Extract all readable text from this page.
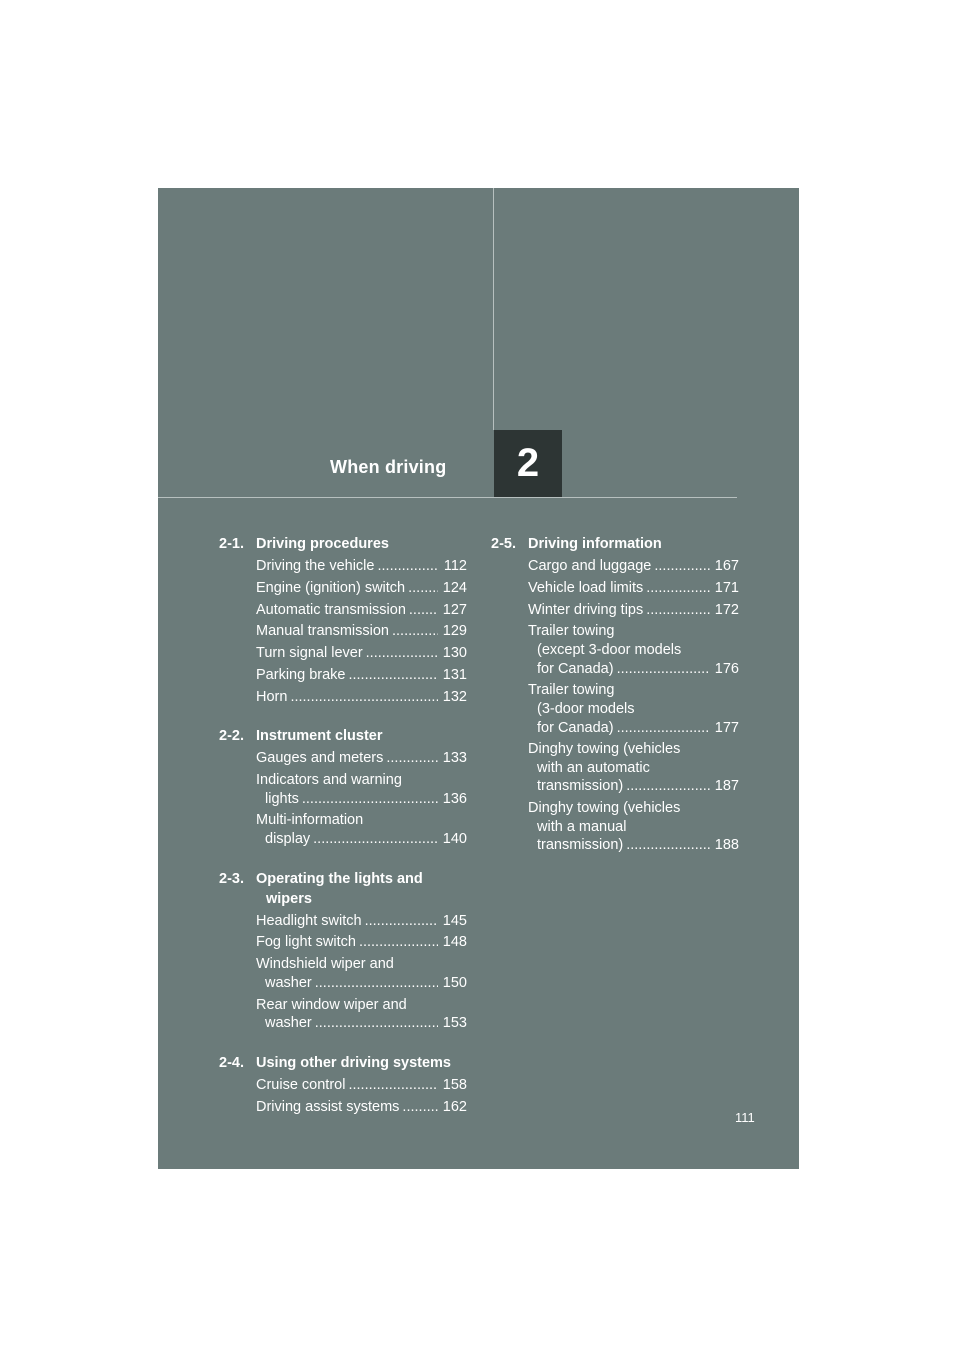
When driving 2
2-1. Driving procedures
Driving the vehicle .....	112
Engine (ignition) switch .....	124
Automatic transmission .....	127
Manual transmission .....	129
Turn signal lever .....	130
Parking brake .....	131
Horn .....	132
2-2. Instrument cluster
Gauges and meters .....	133
Indicators and warning
lights .....	136
Multi-information
display .....	140
2-3. Operating the lights and
wipers
Headlight switch .....	145
Fog light switch .....	148
Windshield wiper and
washer .....	150
Rear window wiper and
washer .....	153
2-4. Using other driving systems
Cruise control .....	158
Driving assist systems .....	162
2-5. Driving information
Cargo and luggage .....	167
Vehicle load limits .....	171
Winter driving tips .....	172
Trailer towing
(except 3-door models
for Canada) .....	176
Trailer towing
(3-door models
for Canada) .....	177
Dinghy towing (vehicles
with an automatic
transmission) .....	187
Dinghy towing (vehicles
with a manual
transmission) .....	188
111
